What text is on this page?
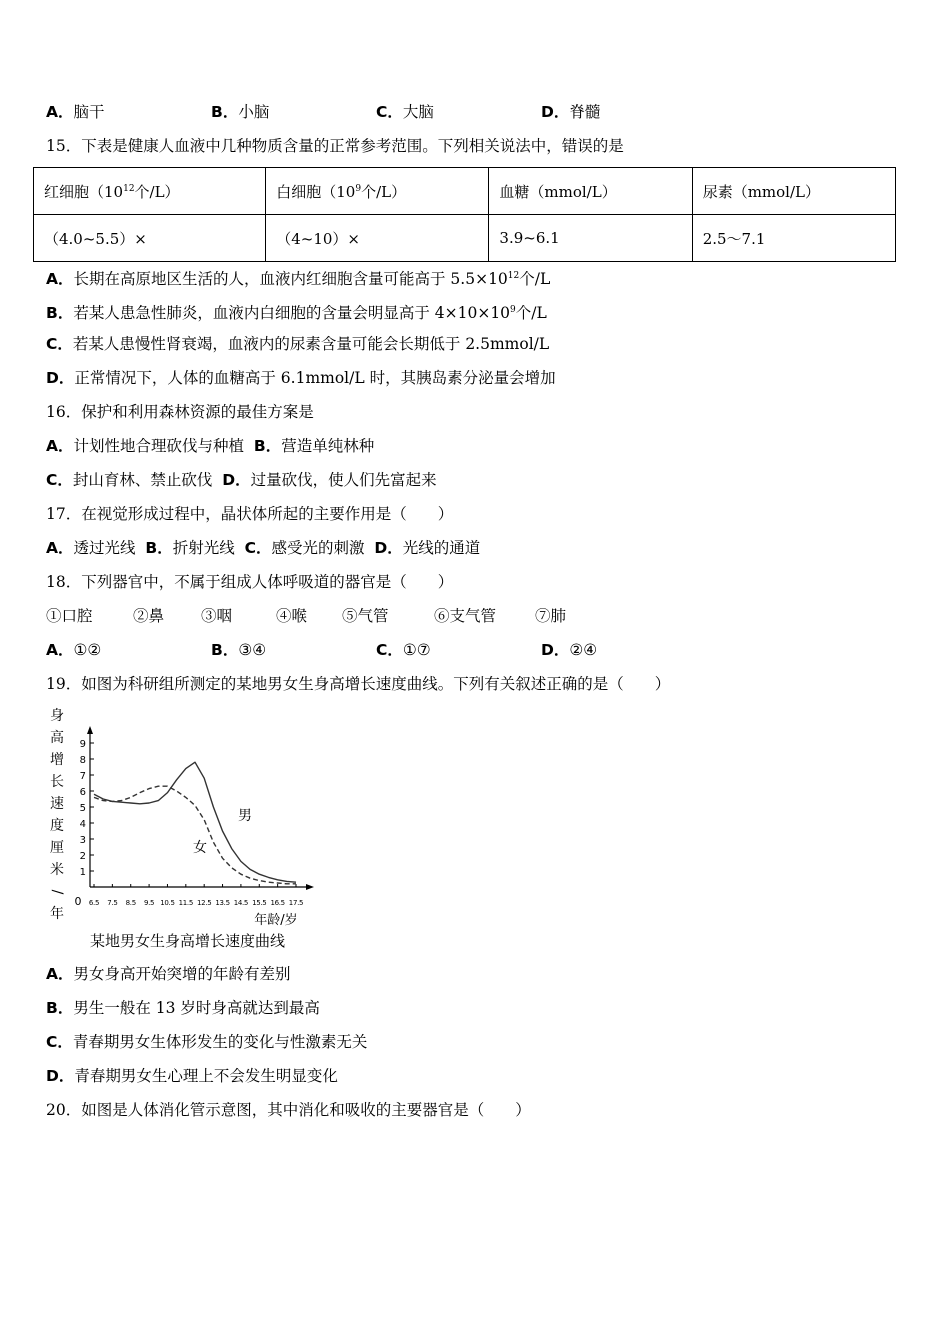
A．脑干	B．小脑	C．大脑	D．脊髓
15．下表是健康人血液中几种物质含量的正常参考范围。下列相关说法中，错误的是
红细胞（$10^{12}$个/L）	白细胞（$10^9$个/L）	血糖（mmol/L）	尿素（mmol/L）
（4.0~5.5）×	（4~10）×	3.9~6.1	2.5～7.1
A．长期在高原地区生活的人，血液内红细胞含量可能高于 $5.5\times 10^{12}$个/L
B．若某人患急性肺炎，血液内白细胞的含量会明显高于 $4\times 10\times 10^9$个/L
C．若某人患慢性肾衰竭，血液内的尿素含量可能会长期低于 2.5mmol/L
D．正常情况下，人体的血糖高于 6.1mmol/L 时，其胰岛素分泌量会增加
16．保护和利用森林资源的最佳方案是
A．计划性地合理砍伐与种植 B．营造单纯林种
C．封山育林、禁止砍伐 D．过量砍伐，使人们先富起来
17．在视觉形成过程中，晶状体所起的主要作用是（　　）
A．透过光线 B．折射光线 C．感受光的刺激 D．光线的通道
18．下列器官中，不属于组成人体呼吸道的器官是（　　）
①口腔	②鼻 ③咽	④喉 ⑤气管	⑥支气管	⑦肺
A．①②	B．③④	C．①⑦	D．②④
19．如图为科研组所测定的某地男女生身高增长速度曲线。下列有关叙述正确的是（　　）
身
高
增
长
速
度
厘
米
/
年
1
2
3
4
5
6
7
8
9
0 6.5 7.5 8.5 9.5 10.5 11.5 12.5 13.5 14.5 15.5 16.5 17.5
年龄/岁
男
女
某地男女生身高增长速度曲线
A．男女身高开始突增的年龄有差别
B．男生一般在 13 岁时身高就达到最高
C．青春期男女生体形发生的变化与性激素无关
D．青春期男女生心理上不会发生明显变化
20．如图是人体消化管示意图，其中消化和吸收的主要器官是（　　）
